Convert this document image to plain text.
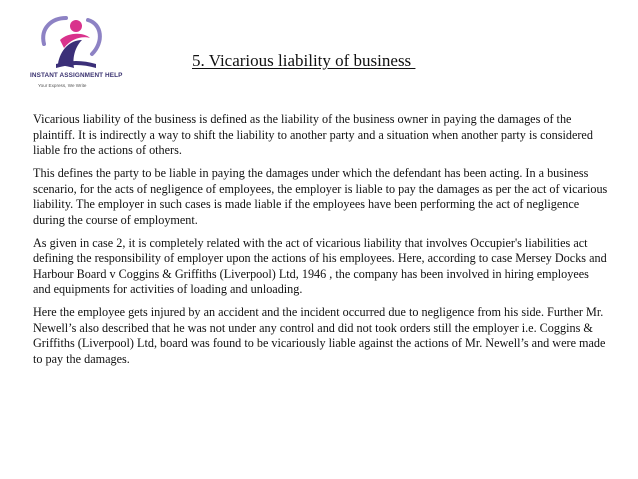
INSTANT ASSIGNMENT HELP
Your Express, We Write
5. Vicarious liability of business

Vicarious liability of the business is defined as the liability of the business owner in paying the damages of the plaintiff. It is indirectly a way to shift the liability to another party and a situation when another party is considered liable fro the actions of others.

This defines the party to be liable in paying the damages under which the defendant has been acting. In a business scenario, for the acts of negligence of employees, the employer is liable to pay the damages as per the act of vicarious liability. The employer in such cases is made liable if the employees have been performing the act of negligence during the course of employment.

As given in case 2, it is completely related with the act of vicarious liability that involves Occupier's liabilities act defining the responsibility of employer upon the actions of his employees. Here, according to case Mersey Docks and Harbour Board v Coggins & Griffiths (Liverpool) Ltd, 1946 , the company has been involved in hiring employees and equipments for activities of loading and unloading.

Here the employee gets injured by an accident and the incident occurred due to negligence from his side. Further Mr. Newell’s also described that he was not under any control and did not took orders still the employer i.e. Coggins & Griffiths (Liverpool) Ltd, board was found to be vicariously liable against the actions of Mr. Newell’s and were made to pay the damages.
